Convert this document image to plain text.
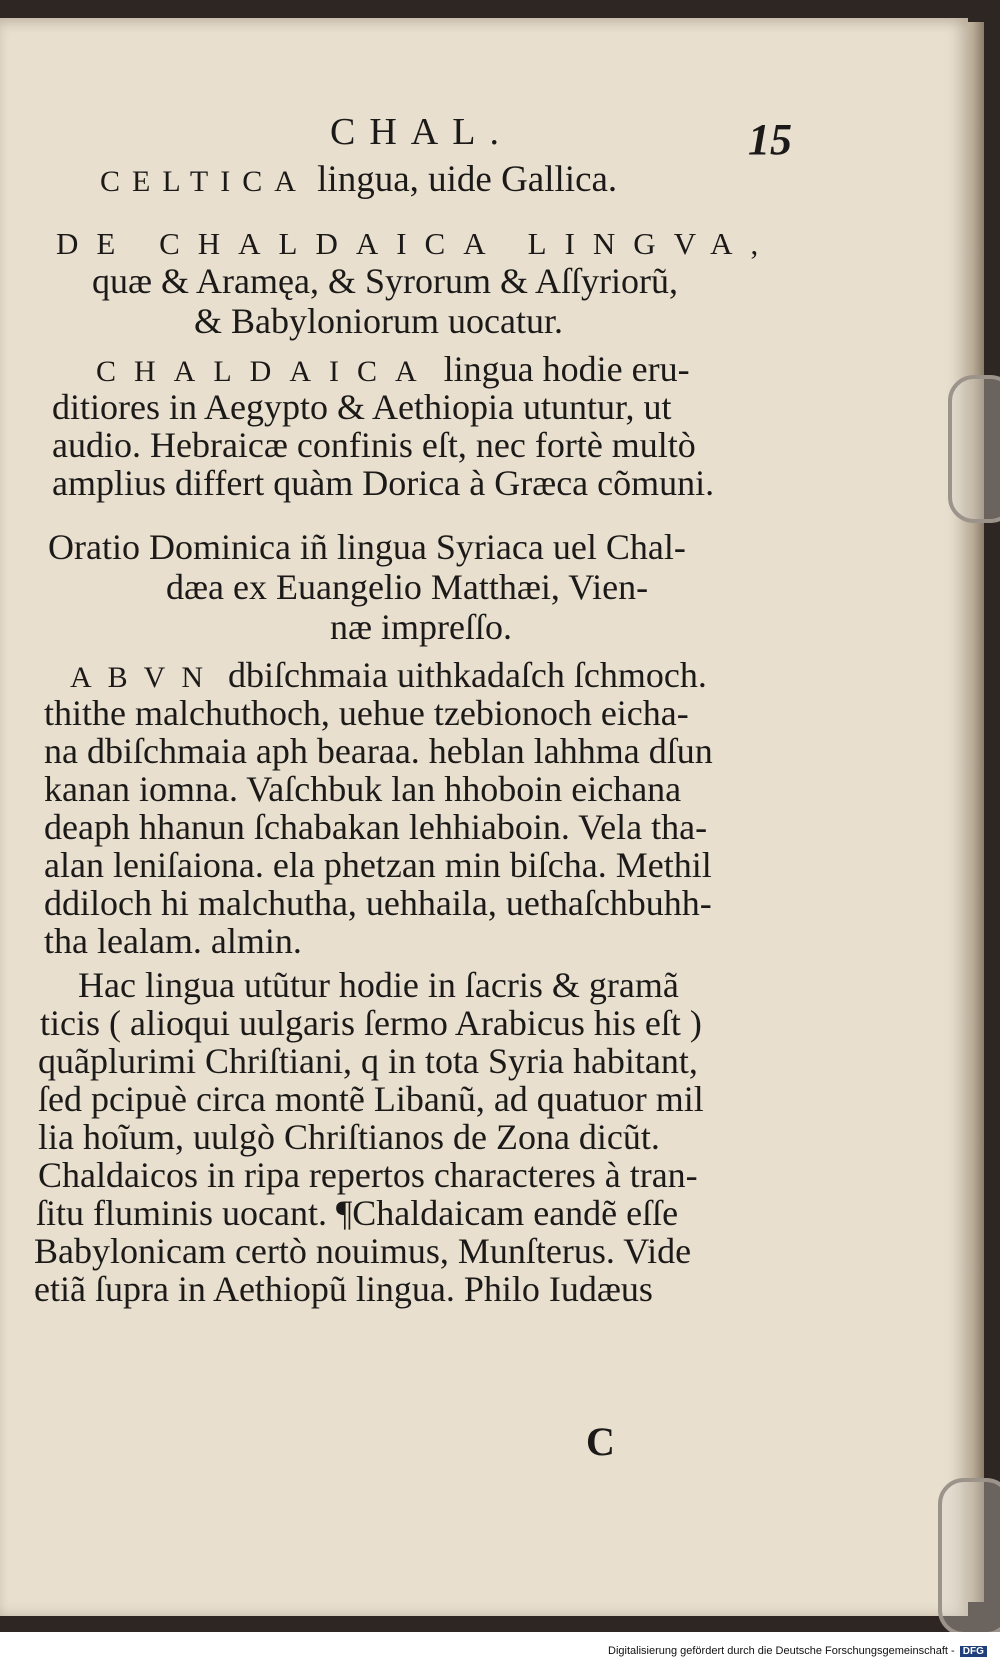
CHAL.	15
CELTICA lingua, uide Gallica.
DE CHALDAICA LINGVA,
quæ & Aramęa, & Syrorum & Aſſyriorũ,
& Babyloniorum uocatur.
CHALDAICA lingua hodie eru-
ditiores in Aegypto & Aethiopia utuntur, ut
audio. Hebraicæ confinis eſt, nec fortè multò
amplius differt quàm Dorica à Græca cõmuni.
Oratio Dominica iñ lingua Syriaca uel Chal-
dæa ex Euangelio Matthæi, Vien-
næ impreſſo.
ABVN dbiſchmaia uithkadaſch ſchmoch.
thithe malchuthoch, uehue tzebionoch eicha-
na dbiſchmaia aph bearaa. heblan lahhma dſun
kanan iomna. Vaſchbuk lan hhoboin eichana
deaph hhanun ſchabakan lehhiaboin. Vela tha-
alan leniſaiona. ela phetzan min biſcha. Methil
ddiloch hi malchutha, uehhaila, uethaſchbuhh-
tha lealam. almin.
Hac lingua utũtur hodie in ſacris & gramã
ticis ( alioqui uulgaris ſermo Arabicus his eſt )
quãplurimi Chriſtiani, q in tota Syria habitant,
ſed pcipuè circa montẽ Libanũ, ad quatuor mil
lia hoĩum, uulgò Chriſtianos de Zona dicũt.
Chaldaicos in ripa repertos characteres à tran-
ſitu fluminis uocant. ¶Chaldaicam eandẽ eſſe
Babylonicam certò nouimus, Munſterus. Vide
etiã ſupra in Aethiopũ lingua. Philo Iudæus
C
Digitalisierung gefördert durch die Deutsche Forschungsgemeinschaft - DFG
